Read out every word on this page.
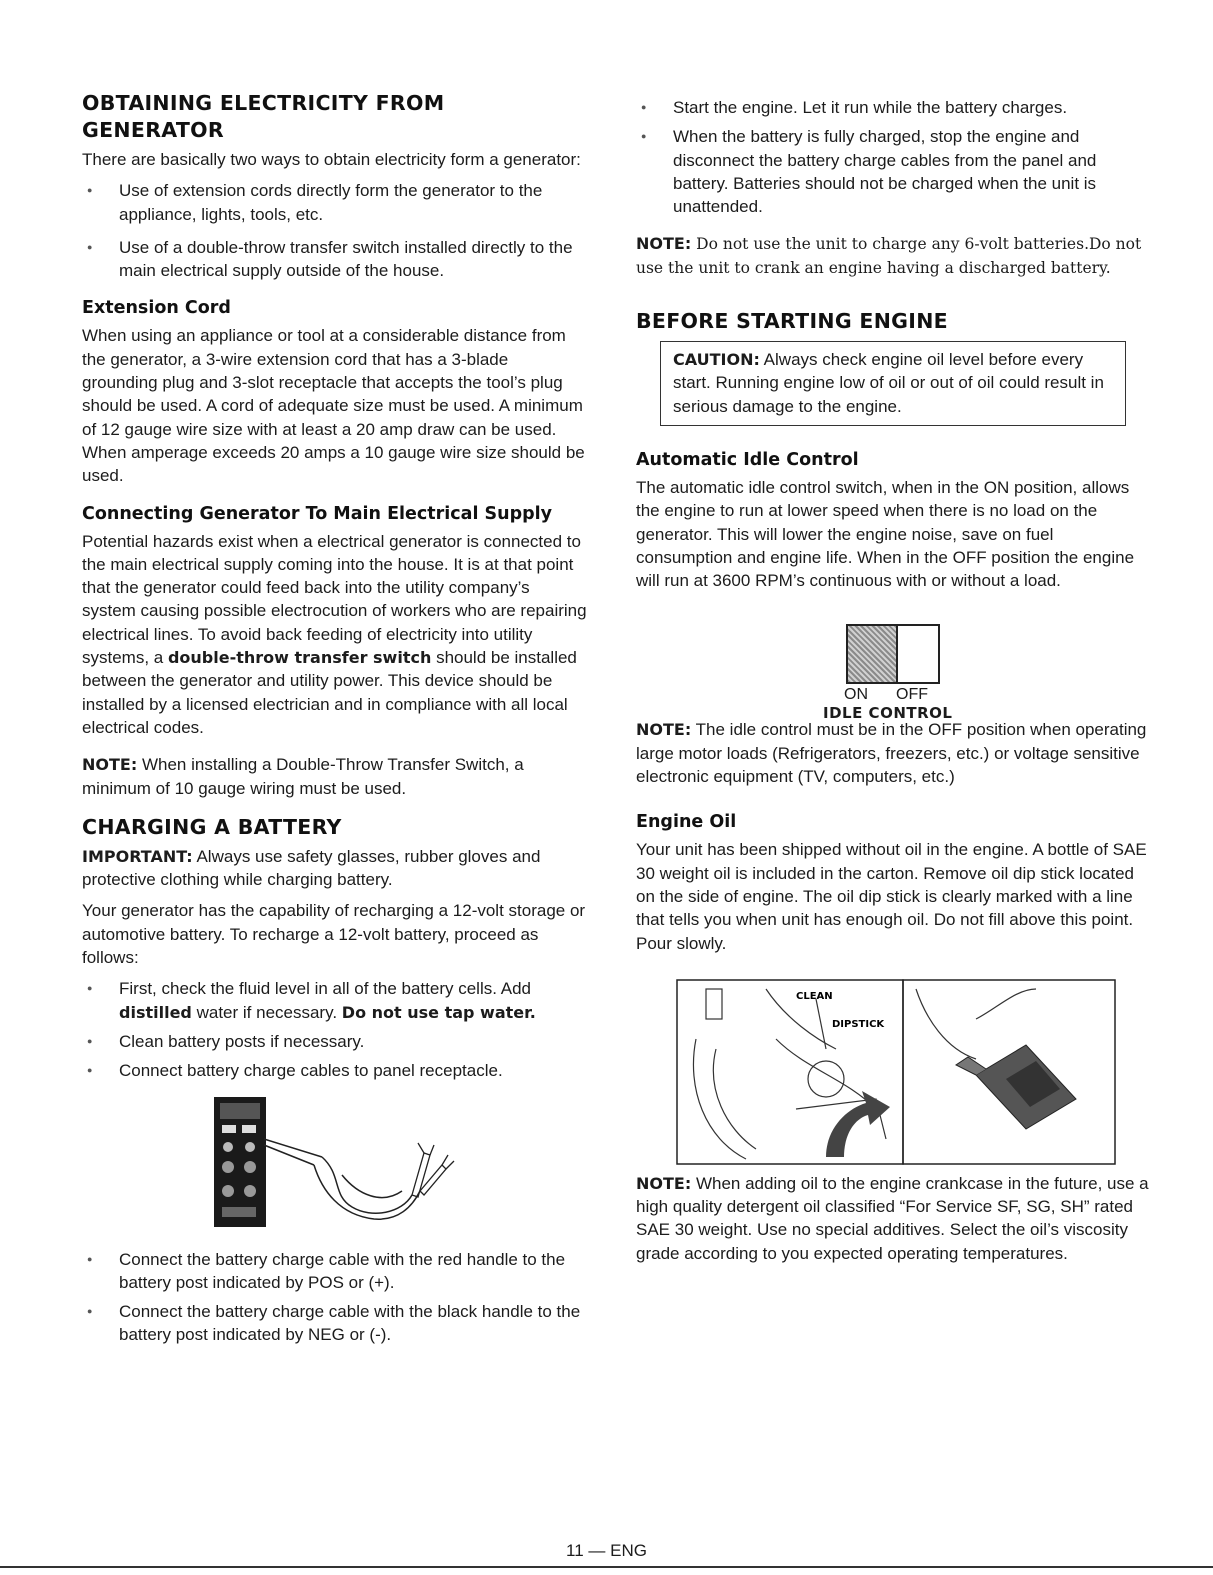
OBTAINING ELECTRICITY FROM
GENERATOR

There are basically two ways to obtain electricity form a generator:

● Use of extension cords directly form the generator to the appliance, lights, tools, etc.
● Use of a double-throw transfer switch installed directly to the main electrical supply outside of the house.
Extension Cord

When using an appliance or tool at a considerable distance from the generator, a 3-wire extension cord that has a 3-blade grounding plug and 3-slot receptacle that accepts the tool’s plug should be used. A cord of adequate size must be used. A minimum of 12 gauge wire size with at least a 20 amp draw can be used. When amperage exceeds 20 amps a 10 gauge wire size should be used.

Connecting Generator To Main Electrical Supply

Potential hazards exist when a electrical generator is connected to the main electrical supply coming into the house. It is at that point that the generator could feed back into the utility company’s system causing possible electrocution of workers who are repairing electrical lines. To avoid back feeding of electricity into utility systems, a double-throw transfer switch should be installed between the generator and utility power. This device should be installed by a licensed electrician and in compliance with all local electrical codes.

NOTE: When installing a Double-Throw Transfer Switch, a minimum of 10 gauge wiring must be used.

CHARGING A BATTERY

IMPORTANT: Always use safety glasses, rubber gloves and protective clothing while charging battery.

Your generator has the capability of recharging a 12-volt storage or automotive battery. To recharge a 12-volt battery, proceed as follows:

● First, check the fluid level in all of the battery cells. Add distilled water if necessary. Do not use tap water.
● Clean battery posts if necessary.
● Connect battery charge cables to panel receptacle.
● Connect the battery charge cable with the red handle to the battery post indicated by POS or (+).
● Connect the battery charge cable with the black handle to the battery post indicated by NEG or (-).
● Start the engine. Let it run while the battery charges.
● When the battery is fully charged, stop the engine and disconnect the battery charge cables from the panel and battery. Batteries should not be charged when the unit is unattended.

NOTE: Do not use the unit to charge any 6-volt batteries.Do not use the unit to crank an engine having a discharged battery.

BEFORE STARTING ENGINE

CAUTION: Always check engine oil level before every start. Running engine low of oil or out of oil could result in serious damage to the engine.

Automatic Idle Control

The automatic idle control switch, when in the ON position, allows the engine to run at lower speed when there is no load on the generator. This will lower the engine noise, save on fuel consumption and engine life. When in the OFF position the engine will run at 3600 RPM’s continuous with or without a load.

ON OFF
IDLE CONTROL

NOTE: The idle control must be in the OFF position when operating large motor loads (Refrigerators, freezers, etc.) or voltage sensitive electronic equipment (TV, computers, etc.)

Engine Oil

Your unit has been shipped without oil in the engine. A bottle of SAE 30 weight oil is included in the carton. Remove oil dip stick located on the side of engine. The oil dip stick is clearly marked with a line that tells you when unit has enough oil. Do not fill above this point. Pour slowly.

CLEAN
DIPSTICK

NOTE: When adding oil to the engine crankcase in the future, use a high quality detergent oil classified “For Service SF, SG, SH” rated SAE 30 weight. Use no special additives. Select the oil’s viscosity grade according to you expected operating temperatures.

11 — ENG
